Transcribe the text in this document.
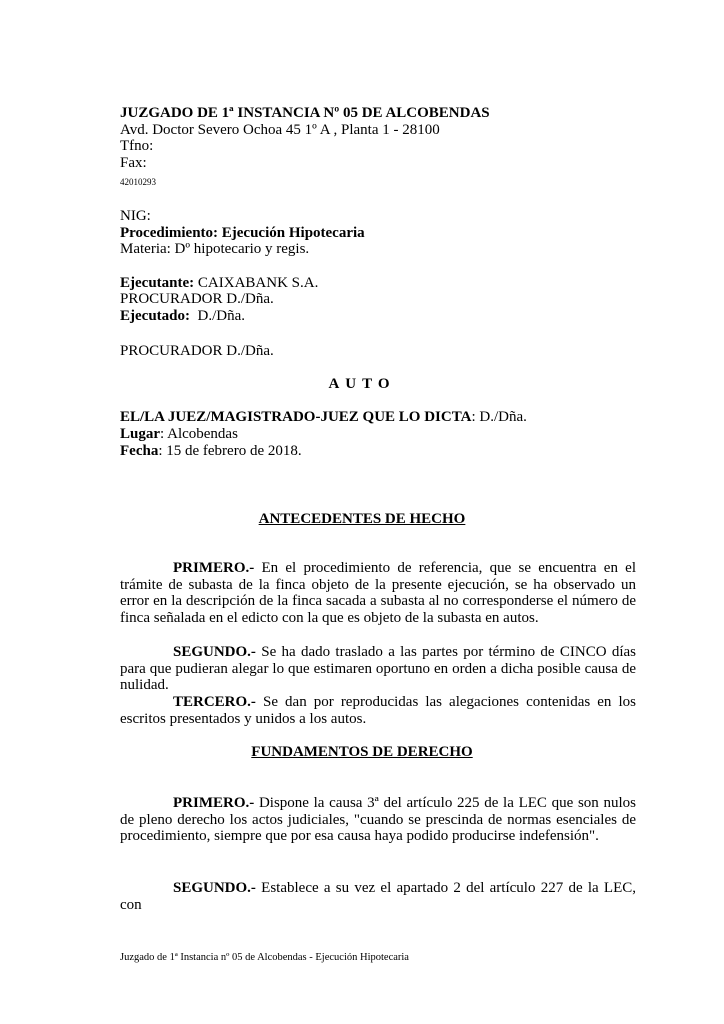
JUZGADO DE 1ª INSTANCIA Nº 05 DE ALCOBENDAS
Avd. Doctor Severo Ochoa 45 1º A , Planta 1 - 28100
Tfno:
Fax:
42010293
NIG:
Procedimiento: Ejecución Hipotecaria
Materia: Dº hipotecario y regis.
Ejecutante: CAIXABANK S.A.
PROCURADOR D./Dña.
Ejecutado: D./Dña.
PROCURADOR D./Dña.
AUTO
EL/LA JUEZ/MAGISTRADO-JUEZ QUE LO DICTA: D./Dña.
Lugar: Alcobendas
Fecha: 15 de febrero de 2018.
ANTECEDENTES DE HECHO
PRIMERO.- En el procedimiento de referencia, que se encuentra en el trámite de subasta de la finca objeto de la presente ejecución, se ha observado un error en la descripción de la finca sacada a subasta al no corresponderse el número de finca señalada en el edicto con la que es objeto de la subasta en autos.
SEGUNDO.- Se ha dado traslado a las partes por término de CINCO días para que pudieran alegar lo que estimaren oportuno en orden a dicha posible causa de nulidad.
TERCERO.- Se dan por reproducidas las alegaciones contenidas en los escritos presentados y unidos a los autos.
FUNDAMENTOS DE DERECHO
PRIMERO.- Dispone la causa 3ª del artículo 225 de la LEC que son nulos de pleno derecho los actos judiciales, "cuando se prescinda de normas esenciales de procedimiento, siempre que por esa causa haya podido producirse indefensión".
SEGUNDO.- Establece a su vez el apartado 2 del artículo 227 de la LEC, con
Juzgado de 1ª Instancia nº 05 de Alcobendas - Ejecución Hipotecaria
